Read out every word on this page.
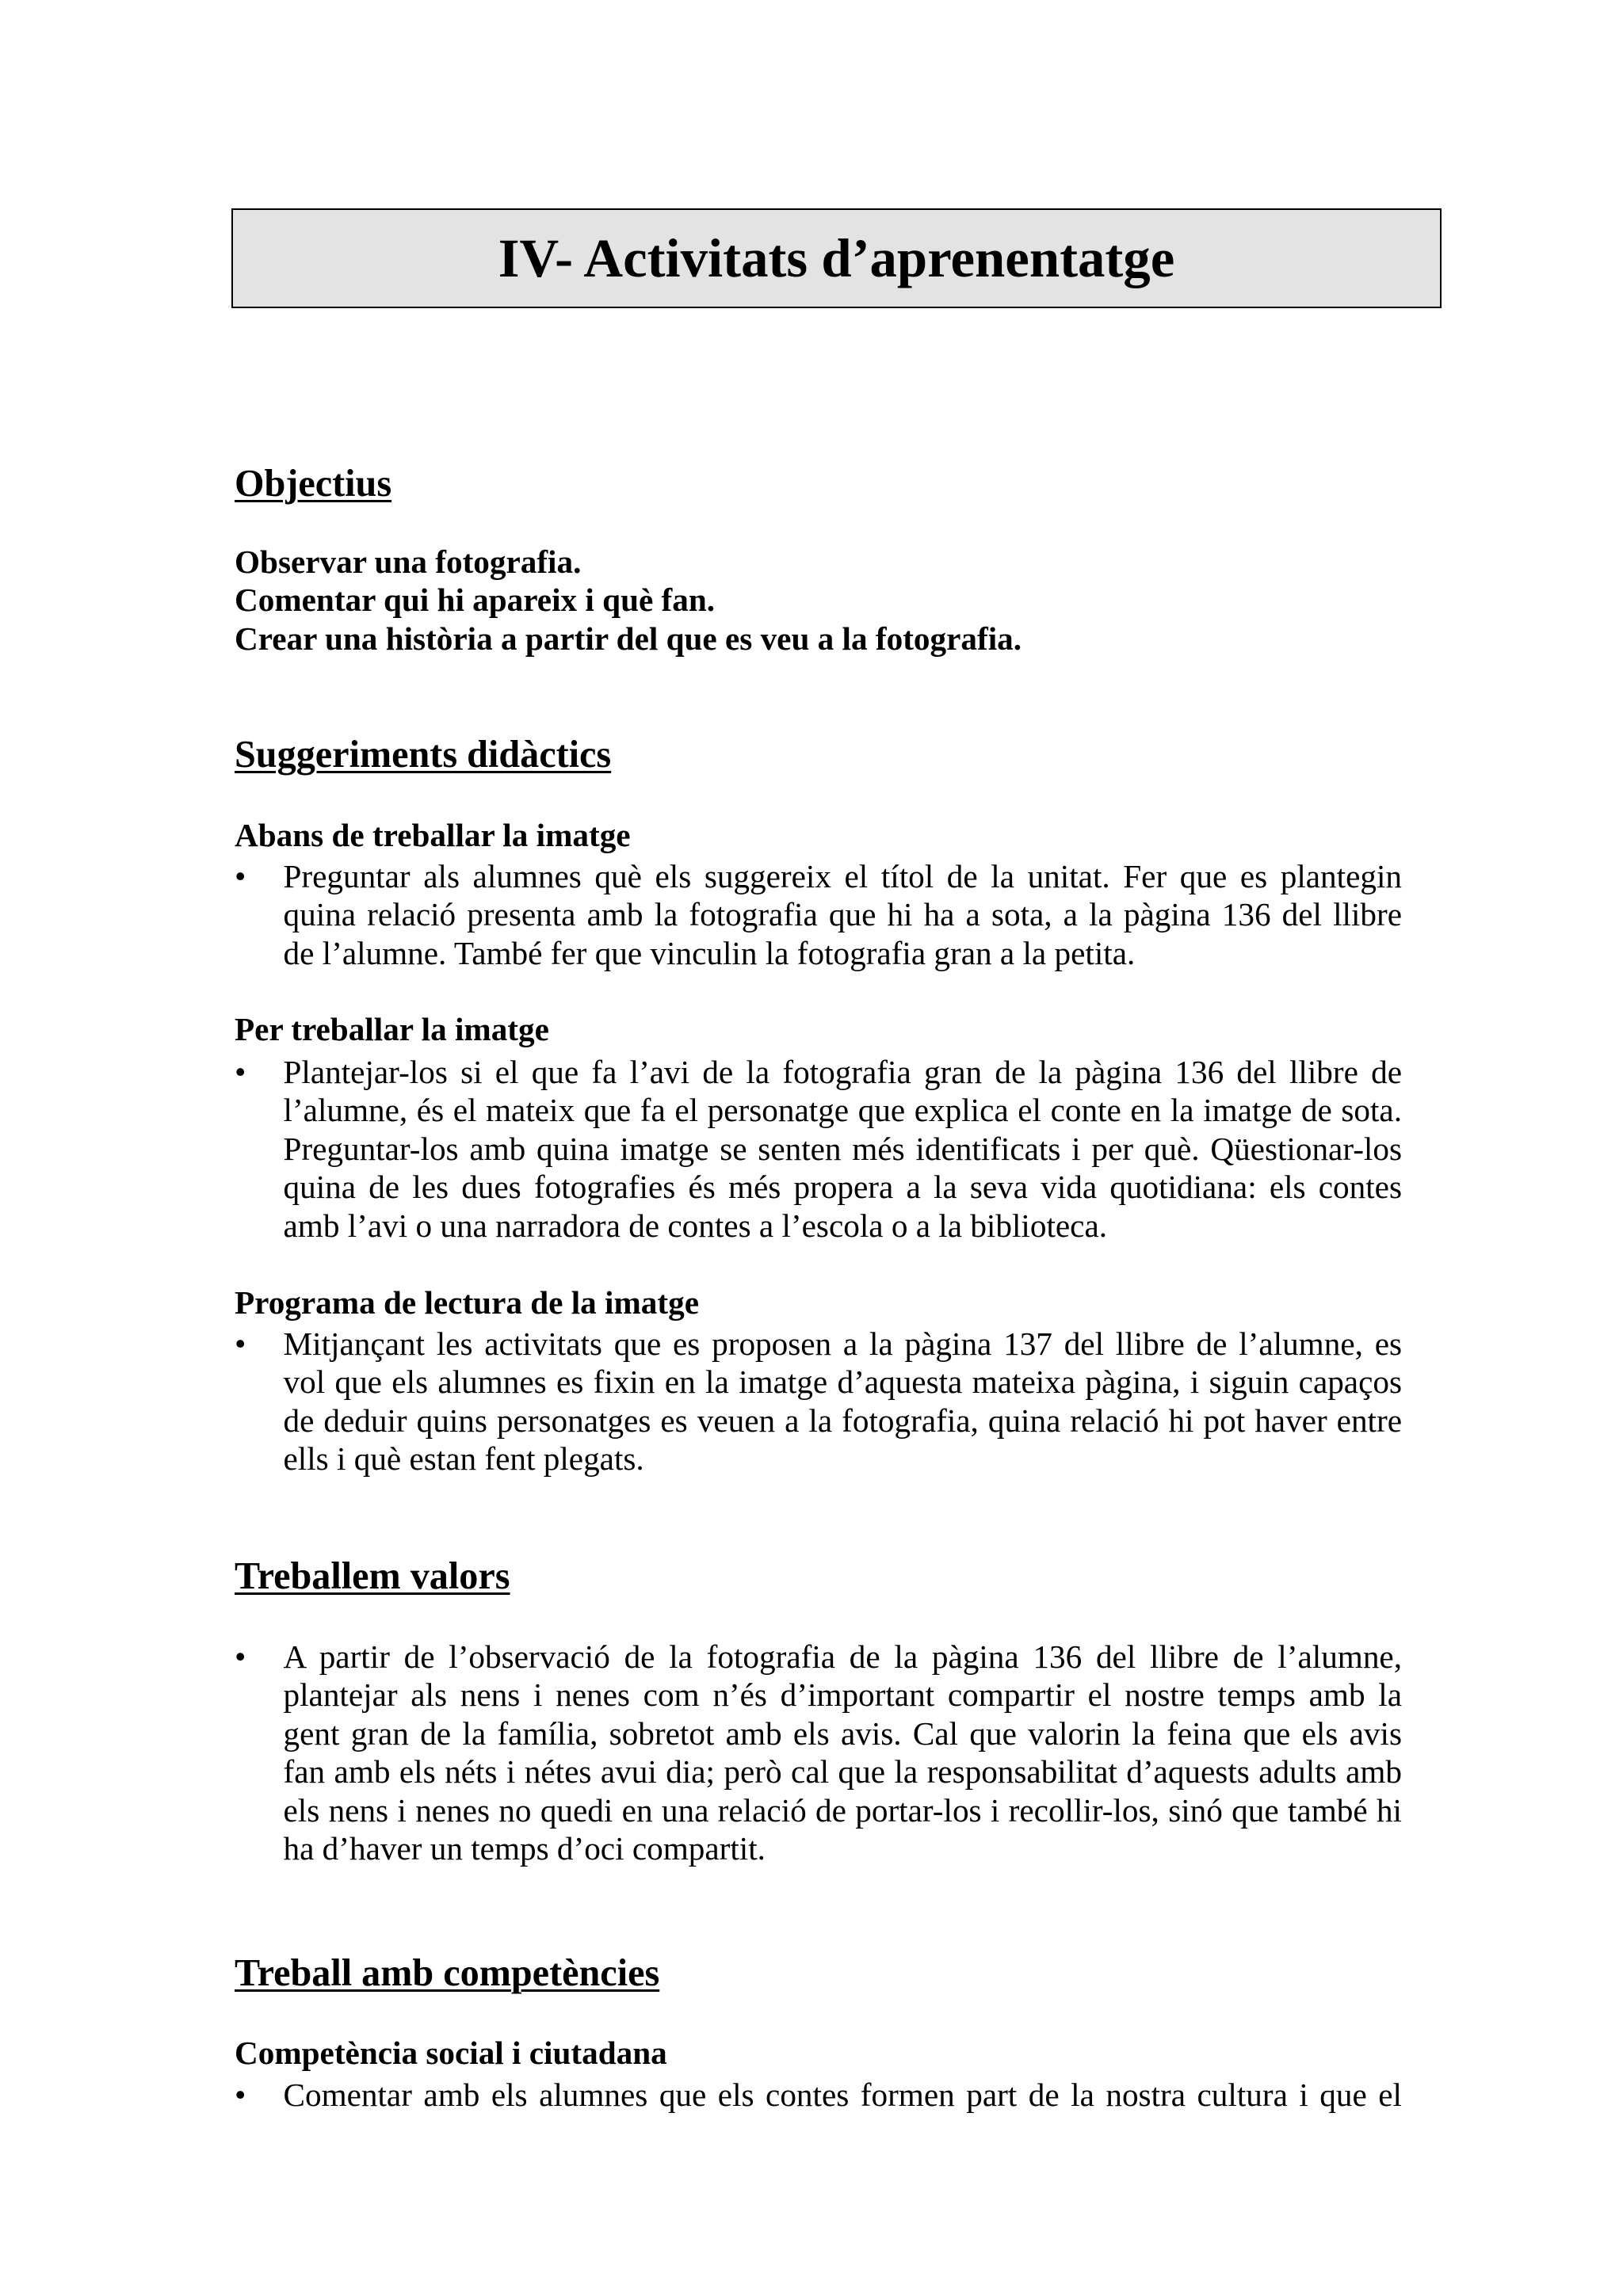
IV- Activitats d’aprenentatge
Objectius
Observar una fotografia.
Comentar qui hi apareix i què fan.
Crear una història a partir del que es veu a la fotografia.
Suggeriments didàctics
Abans de treballar la imatge
• Preguntar als alumnes què els suggereix el títol de la unitat. Fer que es plantegin
quina relació presenta amb la fotografia que hi ha a sota, a la pàgina 136 del llibre
de l’alumne. També fer que vinculin la fotografia gran a la petita.
Per treballar la imatge
• Plantejar-los si el que fa l’avi de la fotografia gran de la pàgina 136 del llibre de
l’alumne, és el mateix que fa el personatge que explica el conte en la imatge de sota.
Preguntar-los amb quina imatge se senten més identificats i per què. Qüestionar-los
quina de les dues fotografies és més propera a la seva vida quotidiana: els contes
amb l’avi o una narradora de contes a l’escola o a la biblioteca.
Programa de lectura de la imatge
• Mitjançant les activitats que es proposen a la pàgina 137 del llibre de l’alumne, es
vol que els alumnes es fixin en la imatge d’aquesta mateixa pàgina, i siguin capaços
de deduir quins personatges es veuen a la fotografia, quina relació hi pot haver entre
ells i què estan fent plegats.
Treballem valors
• A partir de l’observació de la fotografia de la pàgina 136 del llibre de l’alumne,
plantejar als nens i nenes com n’és d’important compartir el nostre temps amb la
gent gran de la família, sobretot amb els avis. Cal que valorin la feina que els avis
fan amb els néts i nétes avui dia; però cal que la responsabilitat d’aquests adults amb
els nens i nenes no quedi en una relació de portar-los i recollir-los, sinó que també hi
ha d’haver un temps d’oci compartit.
Treball amb competències
Competència social i ciutadana
• Comentar amb els alumnes que els contes formen part de la nostra cultura i que el
